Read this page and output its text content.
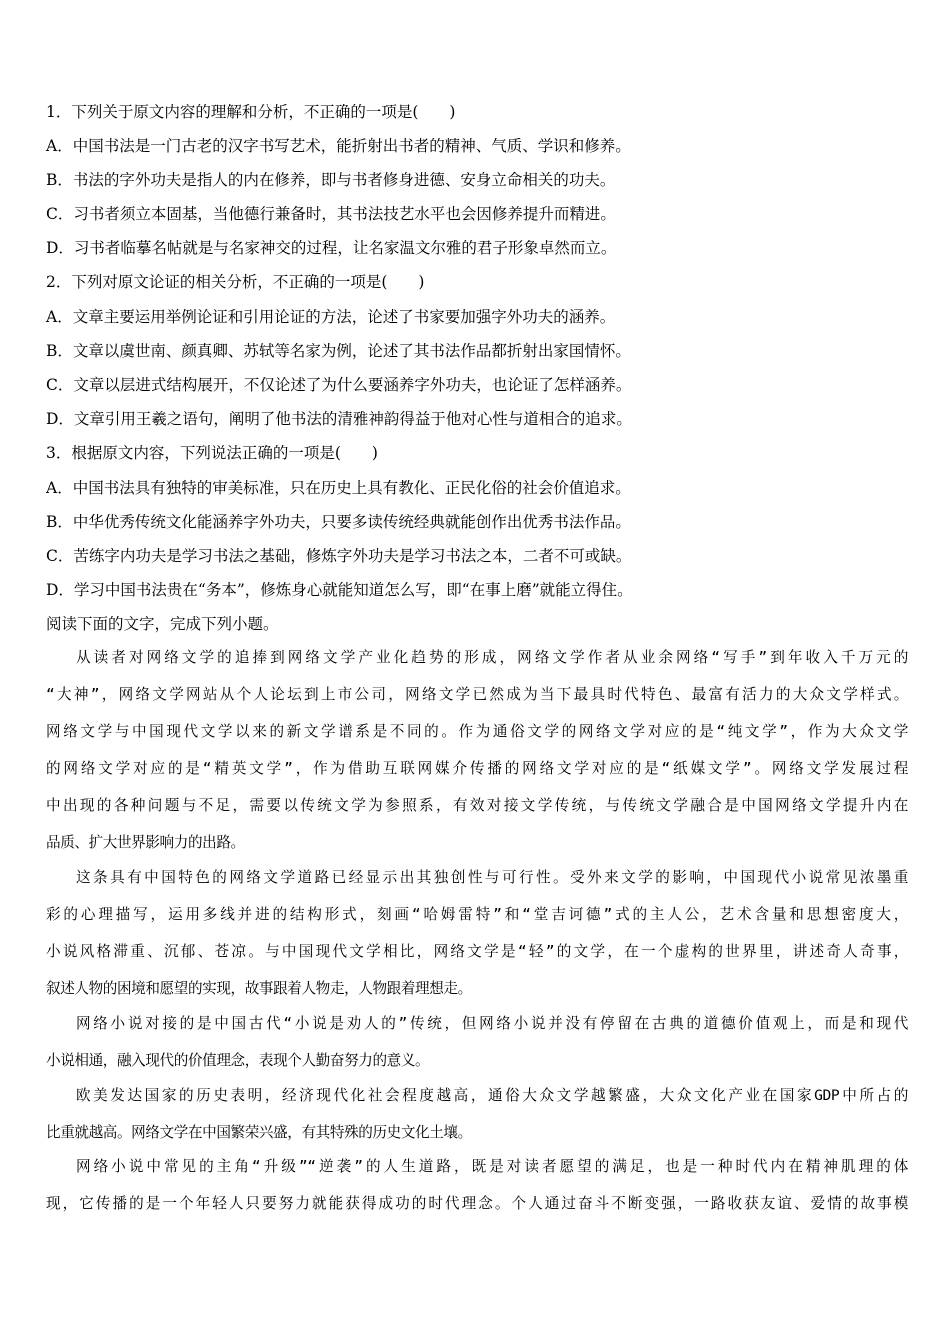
1．下列关于原文内容的理解和分析，不正确的一项是(　　)
A．中国书法是一门古老的汉字书写艺术，能折射出书者的精神、气质、学识和修养。
B．书法的字外功夫是指人的内在修养，即与书者修身进德、安身立命相关的功夫。
C．习书者须立本固基，当他德行兼备时，其书法技艺水平也会因修养提升而精进。
D．习书者临摹名帖就是与名家神交的过程，让名家温文尔雅的君子形象卓然而立。
2．下列对原文论证的相关分析，不正确的一项是(　　)
A．文章主要运用举例论证和引用论证的方法，论述了书家要加强字外功夫的涵养。
B．文章以虞世南、颜真卿、苏轼等名家为例，论述了其书法作品都折射出家国情怀。
C．文章以层进式结构展开，不仅论述了为什么要涵养字外功夫，也论证了怎样涵养。
D．文章引用王羲之语句，阐明了他书法的清雅神韵得益于他对心性与道相合的追求。
3．根据原文内容，下列说法正确的一项是(　　)
A．中国书法具有独特的审美标准，只在历史上具有教化、正民化俗的社会价值追求。
B．中华优秀传统文化能涵养字外功夫，只要多读传统经典就能创作出优秀书法作品。
C．苦练字内功夫是学习书法之基础，修炼字外功夫是学习书法之本，二者不可或缺。
D．学习中国书法贵在“务本”，修炼身心就能知道怎么写，即“在事上磨”就能立得住。
阅读下面的文字，完成下列小题。
从读者对网络文学的追捧到网络文学产业化趋势的形成，网络文学作者从业余网络“写手”到年收入千万元的
“大神”，网络文学网站从个人论坛到上市公司，网络文学已然成为当下最具时代特色、最富有活力的大众文学样式。
网络文学与中国现代文学以来的新文学谱系是不同的。作为通俗文学的网络文学对应的是“纯文学”，作为大众文学
的网络文学对应的是“精英文学”，作为借助互联网媒介传播的网络文学对应的是“纸媒文学”。网络文学发展过程
中出现的各种问题与不足，需要以传统文学为参照系，有效对接文学传统，与传统文学融合是中国网络文学提升内在
品质、扩大世界影响力的出路。
这条具有中国特色的网络文学道路已经显示出其独创性与可行性。受外来文学的影响，中国现代小说常见浓墨重
彩的心理描写，运用多线并进的结构形式，刻画“哈姆雷特”和“堂吉诃德”式的主人公，艺术含量和思想密度大，
小说风格滞重、沉郁、苍凉。与中国现代文学相比，网络文学是“轻”的文学，在一个虚构的世界里，讲述奇人奇事，
叙述人物的困境和愿望的实现，故事跟着人物走，人物跟着理想走。
网络小说对接的是中国古代“小说是劝人的”传统，但网络小说并没有停留在古典的道德价值观上，而是和现代
小说相通，融入现代的价值理念，表现个人勤奋努力的意义。
欧美发达国家的历史表明，经济现代化社会程度越高，通俗大众文学越繁盛，大众文化产业在国家GDP中所占的
比重就越高。网络文学在中国繁荣兴盛，有其特殊的历史文化土壤。
网络小说中常见的主角“升级”“逆袭”的人生道路，既是对读者愿望的满足，也是一种时代内在精神肌理的体
现，它传播的是一个年轻人只要努力就能获得成功的时代理念。个人通过奋斗不断变强，一路收获友谊、爱情的故事模
